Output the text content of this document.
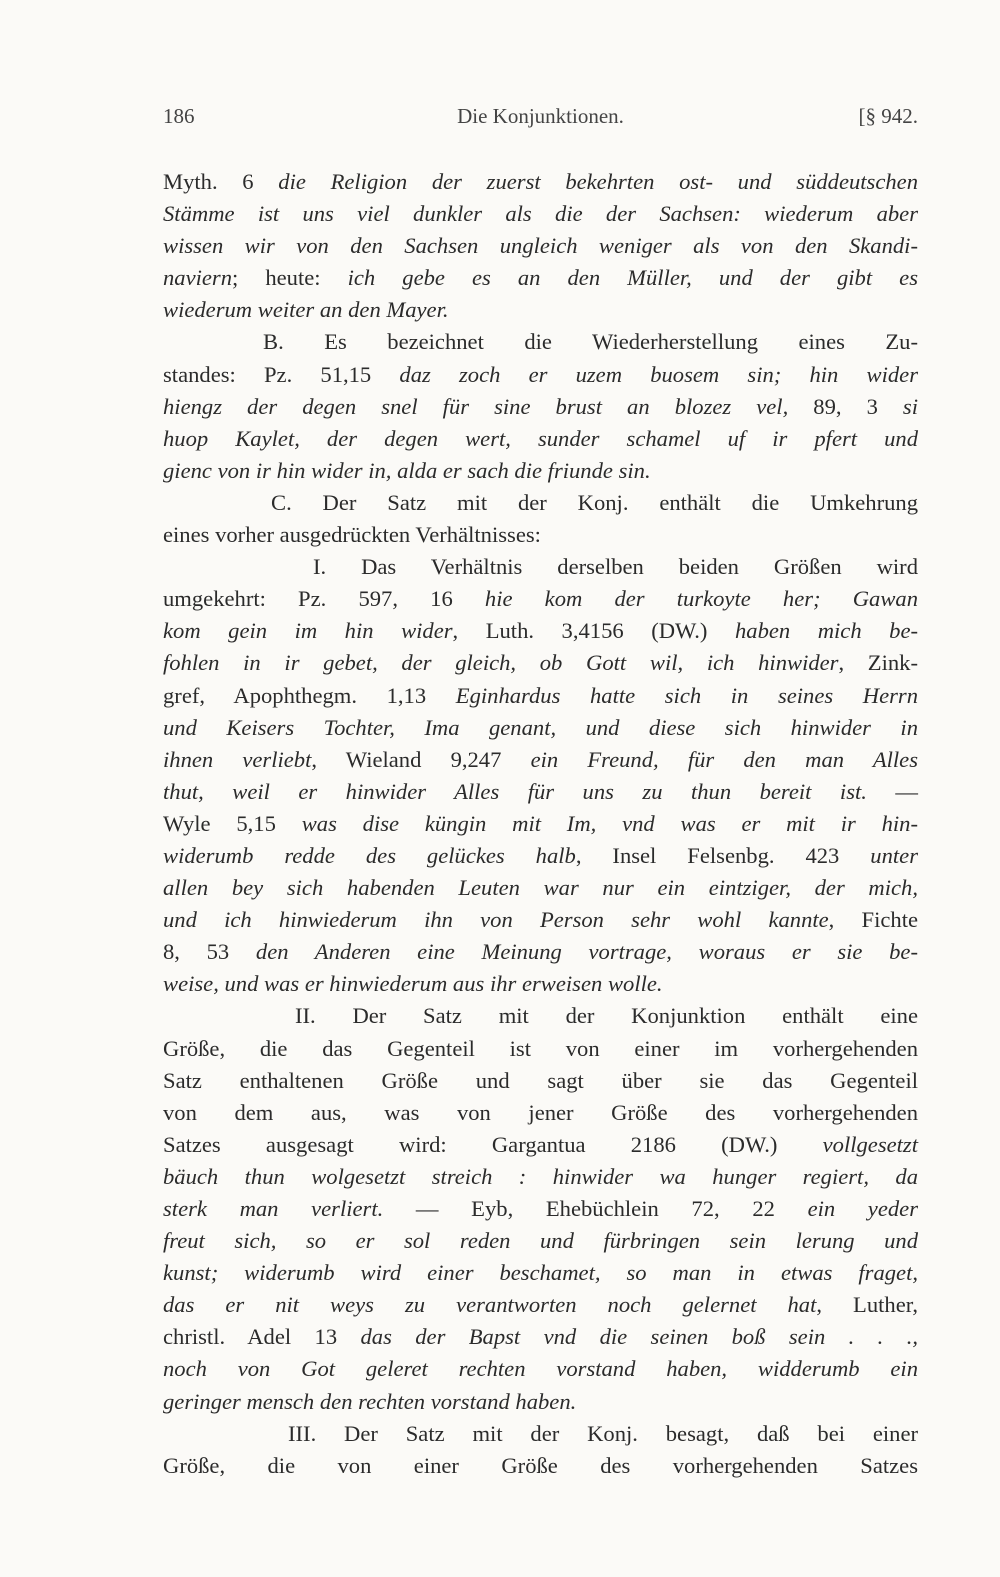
186	Die Konjunktionen.	[§ 942.
Myth. 6 die Religion der zuerst bekehrten ost- und süddeutschen
Stämme ist uns viel dunkler als die der Sachsen: wiederum aber
wissen wir von den Sachsen ungleich weniger als von den Skandi-
naviern; heute: ich gebe es an den Müller, und der gibt es
wiederum weiter an den Mayer.
B. Es bezeichnet die Wiederherstellung eines Zu-
standes: Pz. 51,15 daz zoch er uzem buosem sin; hin wider
hiengz der degen snel für sine brust an blozez vel, 89, 3 si
huop Kaylet, der degen wert, sunder schamel uf ir pfert und
gienc von ir hin wider in, alda er sach die friunde sin.
C. Der Satz mit der Konj. enthält die Umkehrung
eines vorher ausgedrückten Verhältnisses:
I. Das Verhältnis derselben beiden Größen wird
umgekehrt: Pz. 597, 16 hie kom der turkoyte her; Gawan
kom gein im hin wider, Luth. 3,4156 (DW.) haben mich be-
fohlen in ir gebet, der gleich, ob Gott wil, ich hinwider, Zink-
gref, Apophthegm. 1,13 Eginhardus hatte sich in seines Herrn
und Keisers Tochter, Ima genant, und diese sich hinwider in
ihnen verliebt, Wieland 9,247 ein Freund, für den man Alles
thut, weil er hinwider Alles für uns zu thun bereit ist. —
Wyle 5,15 was dise küngin mit Im, vnd was er mit ir hin-
widerumb redde des gelückes halb, Insel Felsenbg. 423 unter
allen bey sich habenden Leuten war nur ein eintziger, der mich,
und ich hinwiederum ihn von Person sehr wohl kannte, Fichte
8, 53 den Anderen eine Meinung vortrage, woraus er sie be-
weise, und was er hinwiederum aus ihr erweisen wolle.
II. Der Satz mit der Konjunktion enthält eine
Größe, die das Gegenteil ist von einer im vorhergehenden
Satz enthaltenen Größe und sagt über sie das Gegenteil
von dem aus, was von jener Größe des vorhergehenden
Satzes ausgesagt wird: Gargantua 2186 (DW.) vollgesetzt
bäuch thun wolgesetzt streich : hinwider wa hunger regiert, da
sterk man verliert. — Eyb, Ehebüchlein 72, 22 ein yeder
freut sich, so er sol reden und fürbringen sein lerung und
kunst; widerumb wird einer beschamet, so man in etwas fraget,
das er nit weys zu verantworten noch gelernet hat, Luther,
christl. Adel 13 das der Bapst vnd die seinen boß sein . . .,
noch von Got geleret rechten vorstand haben, widderumb ein
geringer mensch den rechten vorstand haben.
III. Der Satz mit der Konj. besagt, daß bei einer
Größe, die von einer Größe des vorhergehenden Satzes
